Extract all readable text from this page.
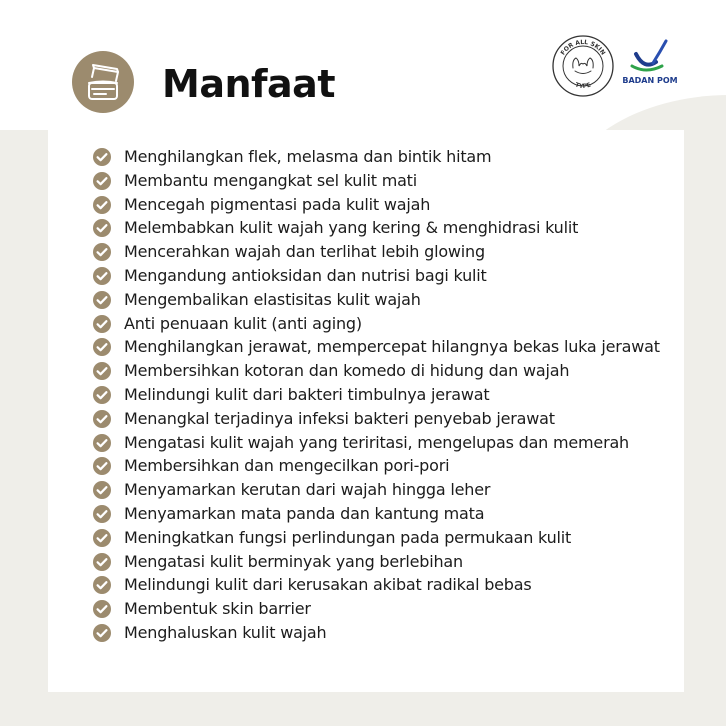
Manfaat
FOR ALL SKIN
TYPE
BADAN POM
Menghilangkan flek, melasma dan bintik hitam
Membantu mengangkat sel kulit mati
Mencegah pigmentasi pada kulit wajah
Melembabkan kulit wajah yang kering & menghidrasi kulit
Mencerahkan wajah dan terlihat lebih glowing
Mengandung antioksidan dan nutrisi bagi kulit
Mengembalikan elastisitas kulit wajah
Anti penuaan kulit (anti aging)
Menghilangkan jerawat, mempercepat hilangnya bekas luka jerawat
Membersihkan kotoran dan komedo di hidung dan wajah
Melindungi kulit dari bakteri timbulnya jerawat
Menangkal terjadinya infeksi bakteri penyebab jerawat
Mengatasi kulit wajah yang teriritasi, mengelupas dan memerah
Membersihkan dan mengecilkan pori-pori
Menyamarkan kerutan dari wajah hingga leher
Menyamarkan mata panda dan kantung mata
Meningkatkan fungsi perlindungan pada permukaan kulit
Mengatasi kulit berminyak yang berlebihan
Melindungi kulit dari kerusakan akibat radikal bebas
Membentuk skin barrier
Menghaluskan kulit wajah
